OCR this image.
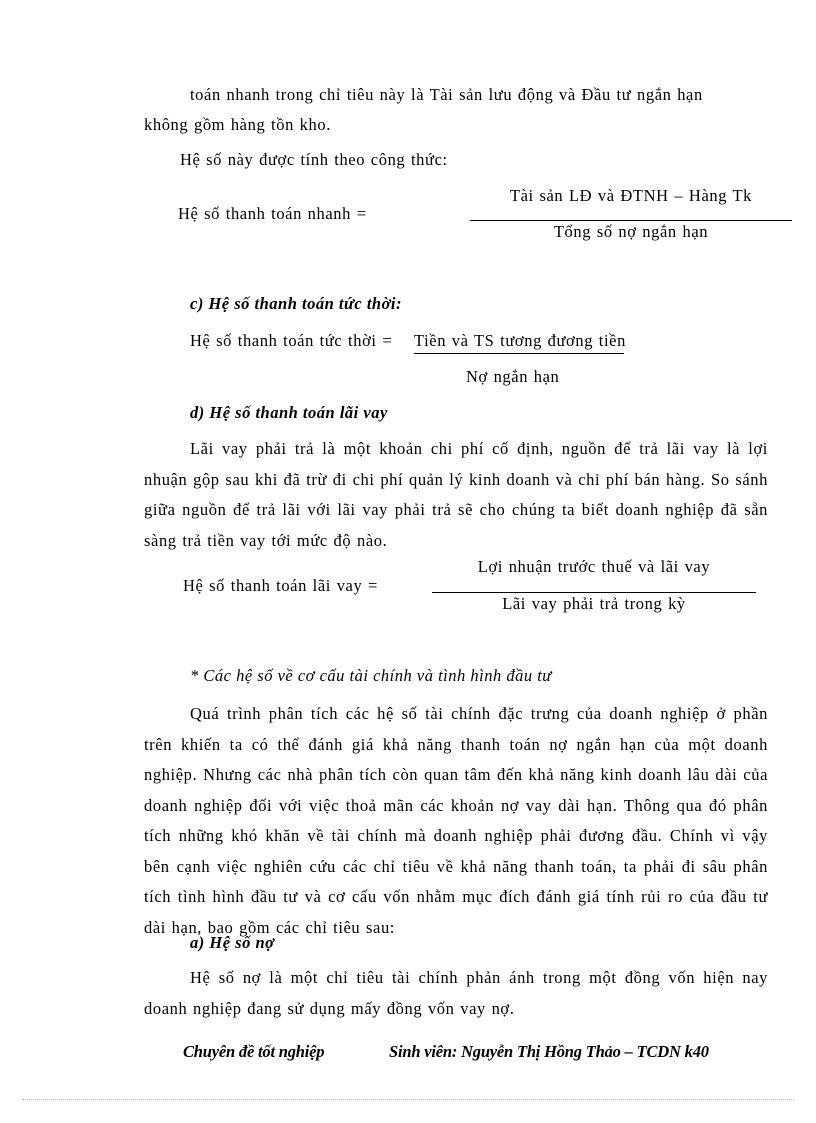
toán nhanh trong chỉ tiêu này là Tài sản lưu động và Đầu tư ngắn hạn

không gồm hàng tồn kho.

Hệ số này được tính theo công thức:

Hệ số thanh toán nhanh =

Tài sản LĐ và ĐTNH – Hàng Tk

Tổng số nợ ngắn hạn

c) Hệ số thanh toán tức thời:

Hệ số thanh toán tức thời = Tiền và TS tương đương tiền

Nợ ngắn hạn

d) Hệ số thanh toán lãi vay

Lãi vay phải trả là một khoản chi phí cố định, nguồn để trả lãi vay là lợi nhuận gộp sau khi đã trừ đi chi phí quản lý kinh doanh và chi phí bán hàng. So sánh giữa nguồn để trả lãi với lãi vay phải trả sẽ cho chúng ta biết doanh nghiệp đã sẵn sàng trả tiền vay tới mức độ nào.

Hệ số thanh toán lãi vay =

Lợi nhuận trước thuế và lãi vay

Lãi vay phải trả trong kỳ

* Các hệ số về cơ cấu tài chính và tình hình đầu tư

Quá trình phân tích các hệ số tài chính đặc trưng của doanh nghiệp ở phần trên khiến ta có thể đánh giá khả năng thanh toán nợ ngắn hạn của một doanh nghiệp. Nhưng các nhà phân tích còn quan tâm đến khả năng kinh doanh lâu dài của doanh nghiệp đối với việc thoả mãn các khoản nợ vay dài hạn. Thông qua đó phân tích những khó khăn về tài chính mà doanh nghiệp phải đương đầu. Chính vì vậy bên cạnh việc nghiên cứu các chỉ tiêu về khả năng thanh toán, ta phải đi sâu phân tích tình hình đầu tư và cơ cấu vốn nhằm mục đích đánh giá tính rủi ro của đầu tư dài hạn, bao gồm các chỉ tiêu sau:

a) Hệ số nợ

Hệ số nợ là một chỉ tiêu tài chính phản ánh trong một đồng vốn hiện nay doanh nghiệp đang sử dụng mấy đồng vốn vay nợ.

Chuyên đề tốt nghiệp	Sinh viên: Nguyễn Thị Hồng Thảo – TCDN k40
